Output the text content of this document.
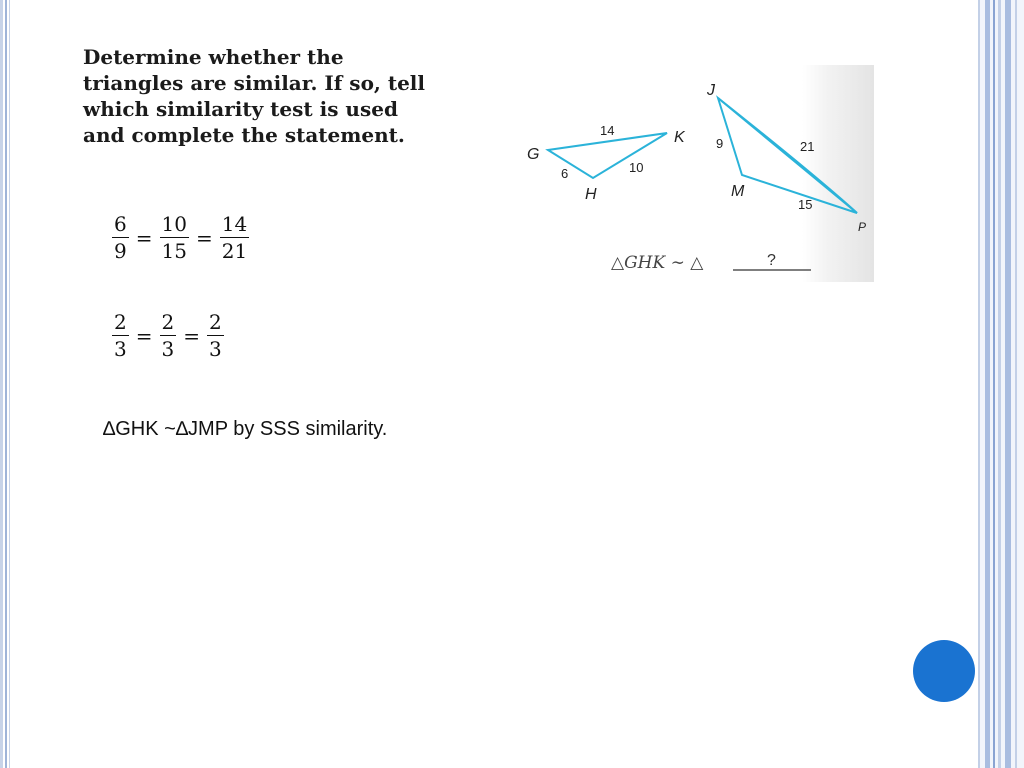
Determine whether the
triangles are similar. If so, tell
which similarity test is used
and complete the statement.
G
H
K
J
M
P
14
6	10
9	21
15
△GHK ∼ △	?
$\frac{6}{9} = \frac{10}{15} = \frac{14}{21}$
$\frac{2}{3} = \frac{2}{3} = \frac{2}{3}$
∆GHK ~∆JMP by SSS similarity.
